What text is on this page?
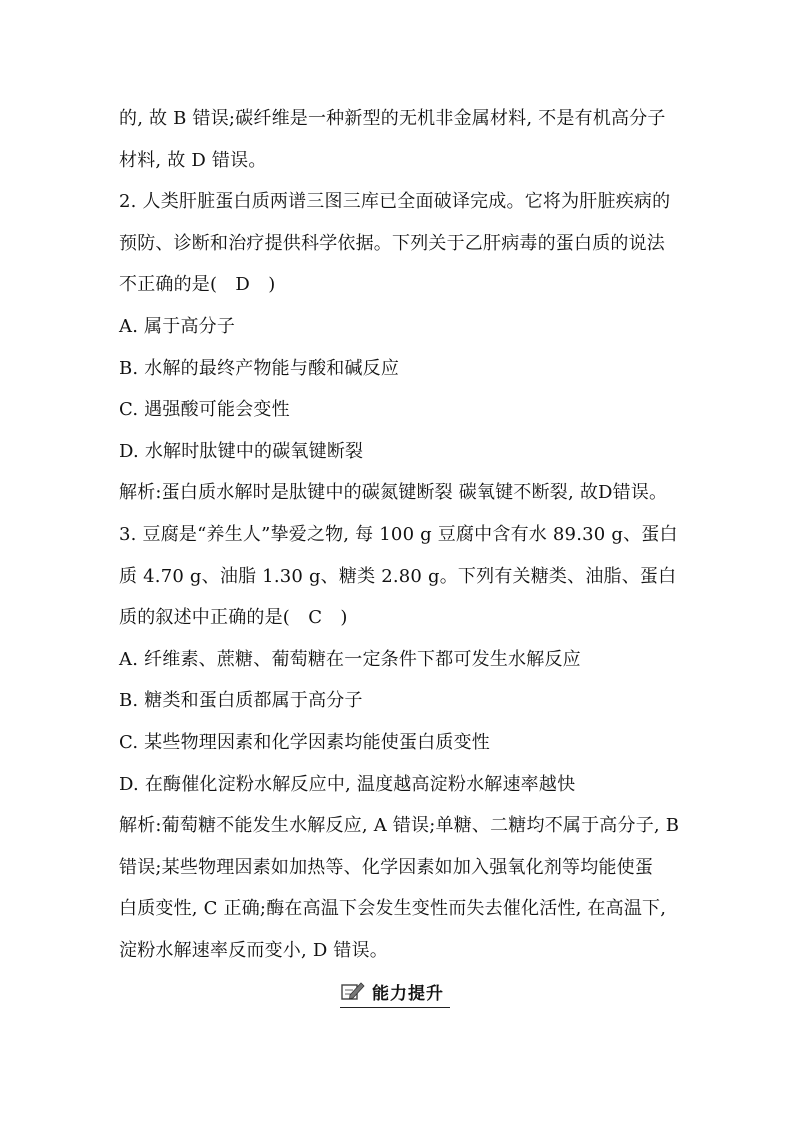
的, 故 B 错误;碳纤维是一种新型的无机非金属材料, 不是有机高分子
材料, 故 D 错误。
2. 人类肝脏蛋白质两谱三图三库已全面破译完成。它将为肝脏疾病的
预防、诊断和治疗提供科学依据。下列关于乙肝病毒的蛋白质的说法
不正确的是(　D　)
A. 属于高分子
B. 水解的最终产物能与酸和碱反应
C. 遇强酸可能会变性
D. 水解时肽键中的碳氧键断裂
解析:蛋白质水解时是肽键中的碳氮键断裂 碳氧键不断裂, 故D错误。
3. 豆腐是“养生人”挚爱之物, 每 100 g 豆腐中含有水 89.30 g、蛋白
质 4.70 g、油脂 1.30 g、糖类 2.80 g。下列有关糖类、油脂、蛋白
质的叙述中正确的是(　C　)
A. 纤维素、蔗糖、葡萄糖在一定条件下都可发生水解反应
B. 糖类和蛋白质都属于高分子
C. 某些物理因素和化学因素均能使蛋白质变性
D. 在酶催化淀粉水解反应中, 温度越高淀粉水解速率越快
解析:葡萄糖不能发生水解反应, A 错误;单糖、二糖均不属于高分子, B
错误;某些物理因素如加热等、化学因素如加入强氧化剂等均能使蛋
白质变性, C 正确;酶在高温下会发生变性而失去催化活性, 在高温下,
淀粉水解速率反而变小, D 错误。
能力提升
